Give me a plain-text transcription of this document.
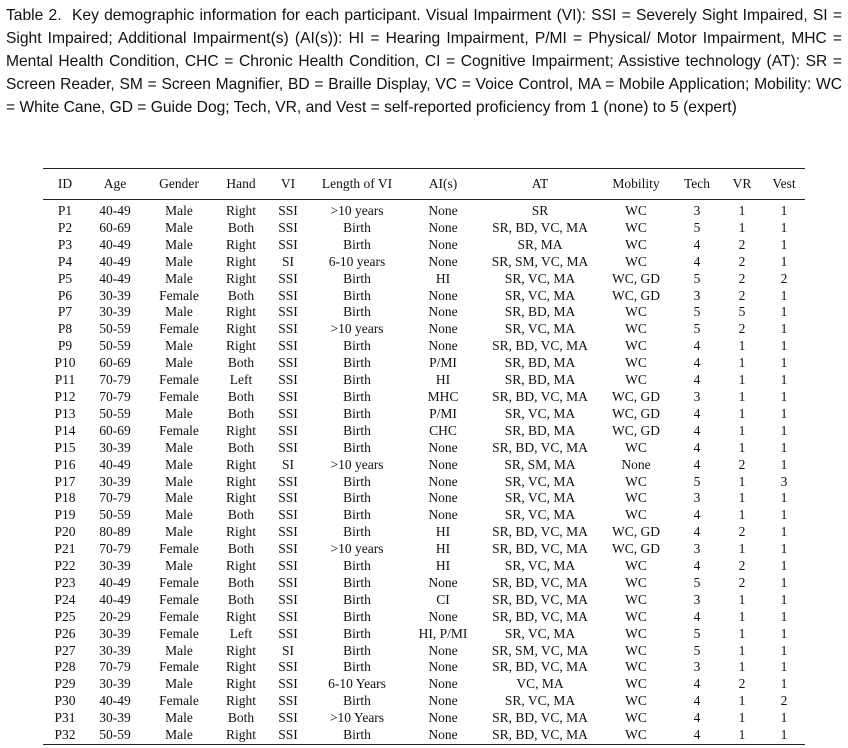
Table 2. Key demographic information for each participant. Visual Impairment (VI): SSI = Severely Sight Impaired, SI = Sight Impaired; Additional Impairment(s) (AI(s)): HI = Hearing Impairment, P/MI = Physical/ Motor Impairment, MHC = Mental Health Condition, CHC = Chronic Health Condition, CI = Cognitive Impairment; Assistive technology (AT): SR = Screen Reader, SM = Screen Magnifier, BD = Braille Display, VC = Voice Control, MA = Mobile Application; Mobility: WC = White Cane, GD = Guide Dog; Tech, VR, and Vest = self-reported proficiency from 1 (none) to 5 (expert)
ID	Age	Gender	Hand	VI	Length of VI	AI(s)	AT	Mobility	Tech	VR	Vest
P1	40-49	Male	Right	SSI	>10 years	None	SR	WC	3	1	1
P2	60-69	Male	Both	SSI	Birth	None	SR, BD, VC, MA	WC	5	1	1
P3	40-49	Male	Right	SSI	Birth	None	SR, MA	WC	4	2	1
P4	40-49	Male	Right	SI	6-10 years	None	SR, SM, VC, MA	WC	4	2	1
P5	40-49	Male	Right	SSI	Birth	HI	SR, VC, MA	WC, GD	5	2	2
P6	30-39	Female	Both	SSI	Birth	None	SR, VC, MA	WC, GD	3	2	1
P7	30-39	Male	Right	SSI	Birth	None	SR, BD, MA	WC	5	5	1
P8	50-59	Female	Right	SSI	>10 years	None	SR, VC, MA	WC	5	2	1
P9	50-59	Male	Right	SSI	Birth	None	SR, BD, VC, MA	WC	4	1	1
P10	60-69	Male	Both	SSI	Birth	P/MI	SR, BD, MA	WC	4	1	1
P11	70-79	Female	Left	SSI	Birth	HI	SR, BD, MA	WC	4	1	1
P12	70-79	Female	Both	SSI	Birth	MHC	SR, BD, VC, MA	WC, GD	3	1	1
P13	50-59	Male	Both	SSI	Birth	P/MI	SR, VC, MA	WC, GD	4	1	1
P14	60-69	Female	Right	SSI	Birth	CHC	SR, BD, MA	WC, GD	4	1	1
P15	30-39	Male	Both	SSI	Birth	None	SR, BD, VC, MA	WC	4	1	1
P16	40-49	Male	Right	SI	>10 years	None	SR, SM, MA	None	4	2	1
P17	30-39	Male	Right	SSI	Birth	None	SR, VC, MA	WC	5	1	3
P18	70-79	Male	Right	SSI	Birth	None	SR, VC, MA	WC	3	1	1
P19	50-59	Male	Both	SSI	Birth	None	SR, VC, MA	WC	4	1	1
P20	80-89	Male	Right	SSI	Birth	HI	SR, BD, VC, MA	WC, GD	4	2	1
P21	70-79	Female	Both	SSI	>10 years	HI	SR, BD, VC, MA	WC, GD	3	1	1
P22	30-39	Male	Right	SSI	Birth	HI	SR, VC, MA	WC	4	2	1
P23	40-49	Female	Both	SSI	Birth	None	SR, BD, VC, MA	WC	5	2	1
P24	40-49	Female	Both	SSI	Birth	CI	SR, BD, VC, MA	WC	3	1	1
P25	20-29	Female	Right	SSI	Birth	None	SR, BD, VC, MA	WC	4	1	1
P26	30-39	Female	Left	SSI	Birth	HI, P/MI	SR, VC, MA	WC	5	1	1
P27	30-39	Male	Right	SI	Birth	None	SR, SM, VC, MA	WC	5	1	1
P28	70-79	Female	Right	SSI	Birth	None	SR, BD, VC, MA	WC	3	1	1
P29	30-39	Male	Right	SSI	6-10 Years	None	VC, MA	WC	4	2	1
P30	40-49	Female	Right	SSI	Birth	None	SR, VC, MA	WC	4	1	2
P31	30-39	Male	Both	SSI	>10 Years	None	SR, BD, VC, MA	WC	4	1	1
P32	50-59	Male	Right	SSI	Birth	None	SR, BD, VC, MA	WC	4	1	1
